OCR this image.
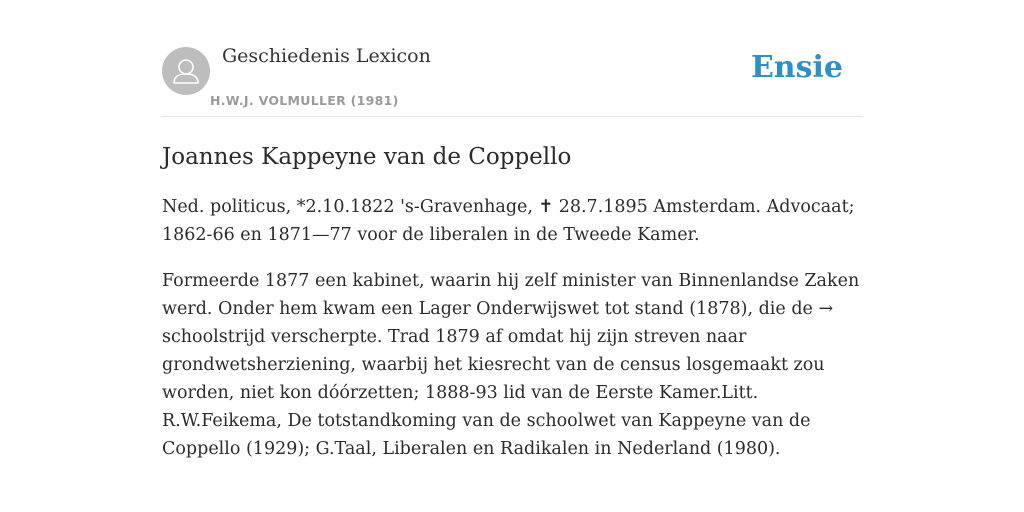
Geschiedenis Lexicon
H.W.J. VOLMULLER (1981)
Ensie
Joannes Kappeyne van de Coppello

Ned. politicus, *2.10.1822 's-Gravenhage, ✝ 28.7.1895 Amsterdam. Advocaat; 1862-66 en 1871—77 voor de liberalen in de Tweede Kamer.

Formeerde 1877 een kabinet, waarin hij zelf minister van Binnenlandse Zaken werd. Onder hem kwam een Lager Onderwijswet tot stand (1878), die de → schoolstrijd verscherpte. Trad 1879 af omdat hij zijn streven naar grondwetsherziening, waarbij het kiesrecht van de census losgemaakt zou worden, niet kon dóórzetten; 1888-93 lid van de Eerste Kamer.Litt. R.W.Feikema, De totstandkoming van de schoolwet van Kappeyne van de Coppello (1929); G.Taal, Liberalen en Radikalen in Nederland (1980).
